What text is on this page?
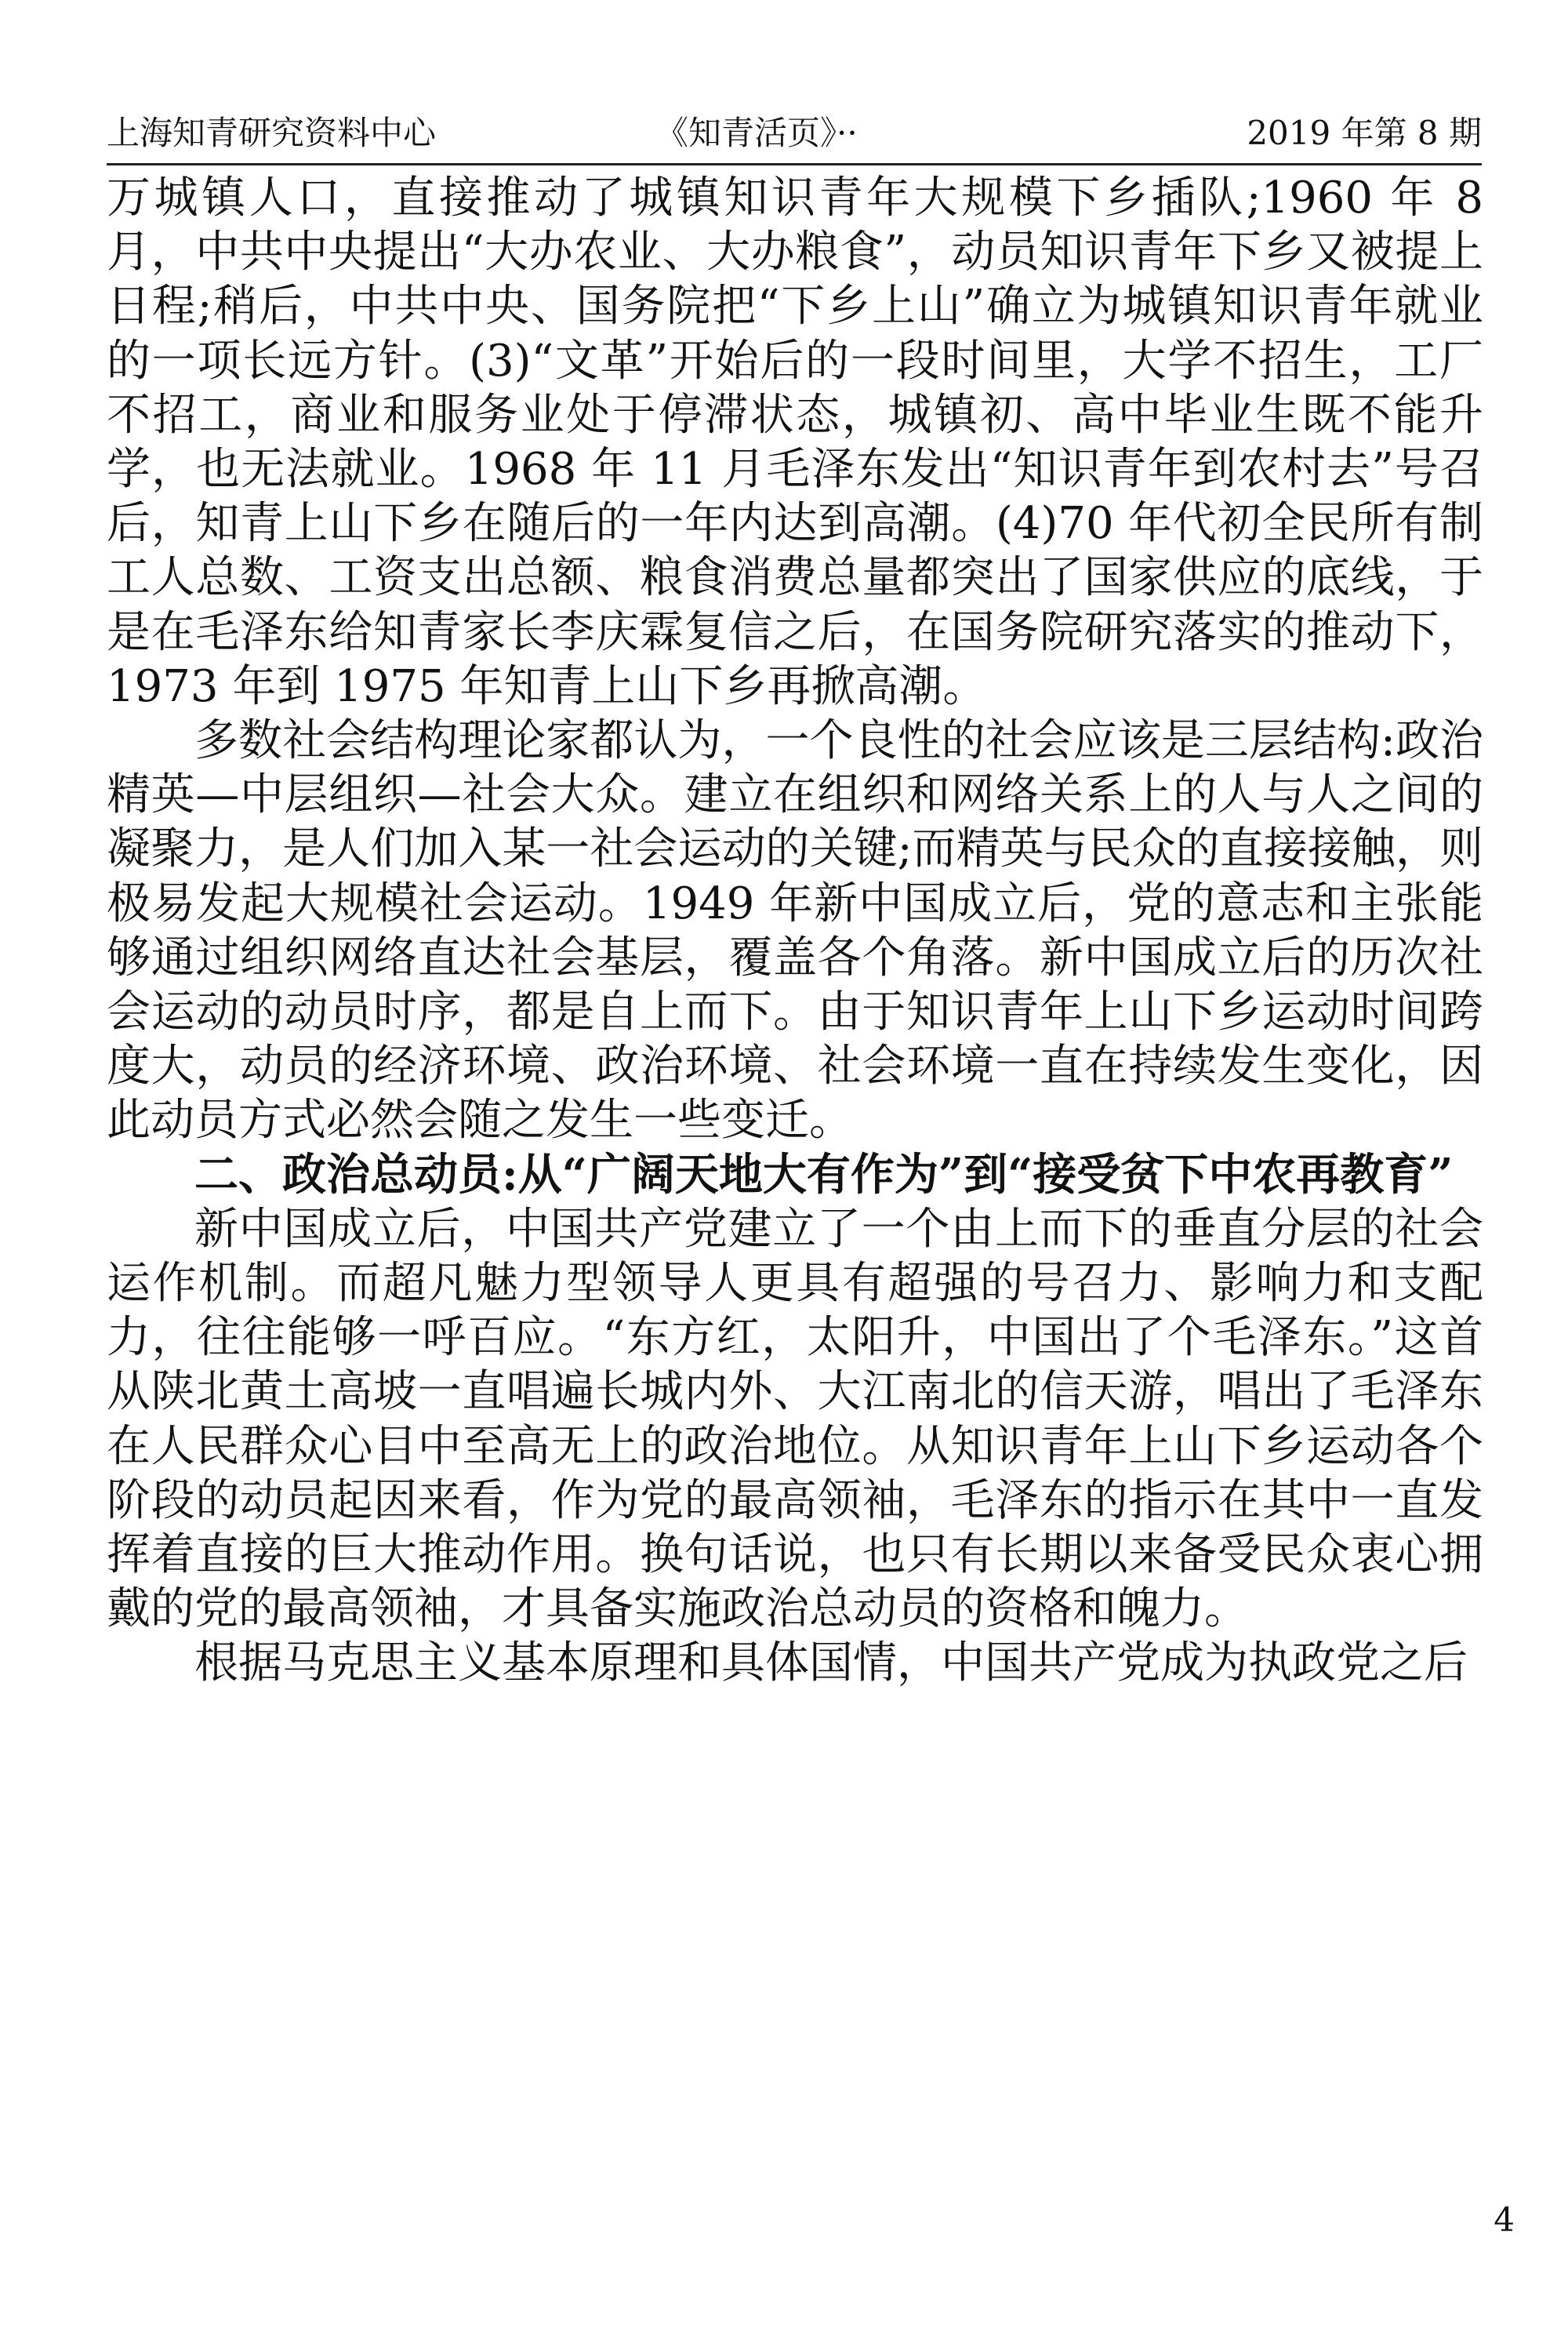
上海知青研究资料中心	《知青活页》··	2019 年第 8 期

万城镇人口，直接推动了城镇知识青年大规模下乡插队;1960 年 8 月，中共中央提出“大办农业、大办粮食”，动员知识青年下乡又被提上日程;稍后，中共中央、国务院把“下乡上山”确立为城镇知识青年就业的一项长远方针。(3)“文革”开始后的一段时间里，大学不招生，工厂不招工，商业和服务业处于停滞状态，城镇初、高中毕业生既不能升学，也无法就业。1968 年 11 月毛泽东发出“知识青年到农村去”号召后，知青上山下乡在随后的一年内达到高潮。(4)70 年代初全民所有制工人总数、工资支出总额、粮食消费总量都突出了国家供应的底线，于是在毛泽东给知青家长李庆霖复信之后，在国务院研究落实的推动下，1973 年到 1975 年知青上山下乡再掀高潮。

多数社会结构理论家都认为，一个良性的社会应该是三层结构:政治精英—中层组织—社会大众。建立在组织和网络关系上的人与人之间的凝聚力，是人们加入某一社会运动的关键;而精英与民众的直接接触，则极易发起大规模社会运动。1949 年新中国成立后，党的意志和主张能够通过组织网络直达社会基层，覆盖各个角落。新中国成立后的历次社会运动的动员时序，都是自上而下。由于知识青年上山下乡运动时间跨度大，动员的经济环境、政治环境、社会环境一直在持续发生变化，因此动员方式必然会随之发生一些变迁。

二、政治总动员:从“广阔天地大有作为”到“接受贫下中农再教育”

新中国成立后，中国共产党建立了一个由上而下的垂直分层的社会运作机制。而超凡魅力型领导人更具有超强的号召力、影响力和支配力，往往能够一呼百应。“东方红，太阳升，中国出了个毛泽东。”这首从陕北黄土高坡一直唱遍长城内外、大江南北的信天游，唱出了毛泽东在人民群众心目中至高无上的政治地位。从知识青年上山下乡运动各个阶段的动员起因来看，作为党的最高领袖，毛泽东的指示在其中一直发挥着直接的巨大推动作用。换句话说，也只有长期以来备受民众衷心拥戴的党的最高领袖，才具备实施政治总动员的资格和魄力。

根据马克思主义基本原理和具体国情，中国共产党成为执政党之后

4
